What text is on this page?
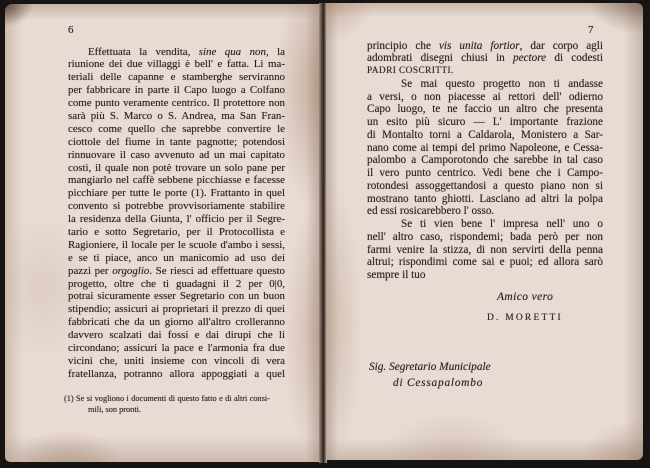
6
Effettuata la vendita, sine qua non, la
riunione dei due villaggi è bell' e fatta. Li ma-
teriali delle capanne e stamberghe serviranno
per fabbricare in parte il Capo luogo a Colfano
come punto veramente centrico. Il protettore non
sarà più S. Marco o S. Andrea, ma San Fran-
cesco come quello che saprebbe convertire le
ciottole del fiume in tante pagnotte; potendosi
rinnuovare il caso avvenuto ad un mai capitato
costì, il quale non potè trovare un solo pane per
mangiarlo nel caffè sebbene picchiasse e facesse
picchiare per tutte le porte (1). Frattanto in quel
convento si potrebbe provvisoriamente stabilire
la residenza della Giunta, l' officio per il Segre-
tario e sotto Segretario, per il Protocollista e
Ragioniere, il locale per le scuole d'ambo i sessi,
e se ti piace, anco un manicomio ad uso dei
pazzi per orgoglio. Se riesci ad effettuare questo
progetto, oltre che ti guadagni il 2 per 0|0,
potrai sicuramente esser Segretario con un buon
stipendio; assicuri ai proprietari il prezzo di quei
fabbricati che da un giorno all'altro crolleranno
davvero scalzati dai fossi e dai dirupi che li
circondano; assicuri la pace e l'armonia fra due
vicini che, uniti insieme con vincoli di vera
fratellanza, potranno allora appoggiati a quel
(1) Se si vogliono i documenti di questo fatto e di altri consi-
mili, son pronti.
7
principio che vis unita fortior, dar corpo agli
adombrati disegni chiusi in pectore di codesti
PADRI COSCRITTI.
Se mai questo progetto non ti andasse
a versi, o non piacesse ai rettori dell' odierno
Capo luogo, te ne faccio un altro che presenta
un esito più sicuro — L' importante frazione
di Montalto torni a Caldarola, Monistero a Sar-
nano come ai tempi del primo Napoleone, e Cessa-
palombo a Camporotondo che sarebbe in tal caso
il vero punto centrico. Vedi bene che i Campo-
rotondesi assoggettandosi a questo piano non si
mostrano tanto ghiotti. Lasciano ad altri la polpa
ed essi rosicarebbero l' osso.
Se ti vien bene l' impresa nell' uno o
nell' altro caso, rispondemi; bada però per non
farmi venire la stizza, di non servirti della penna
altrui; rispondimi come sai e puoi; ed allora sarò
sempre il tuo
Amico vero
D. MORETTI
Sig. Segretario Municipale
di Cessapalombo
